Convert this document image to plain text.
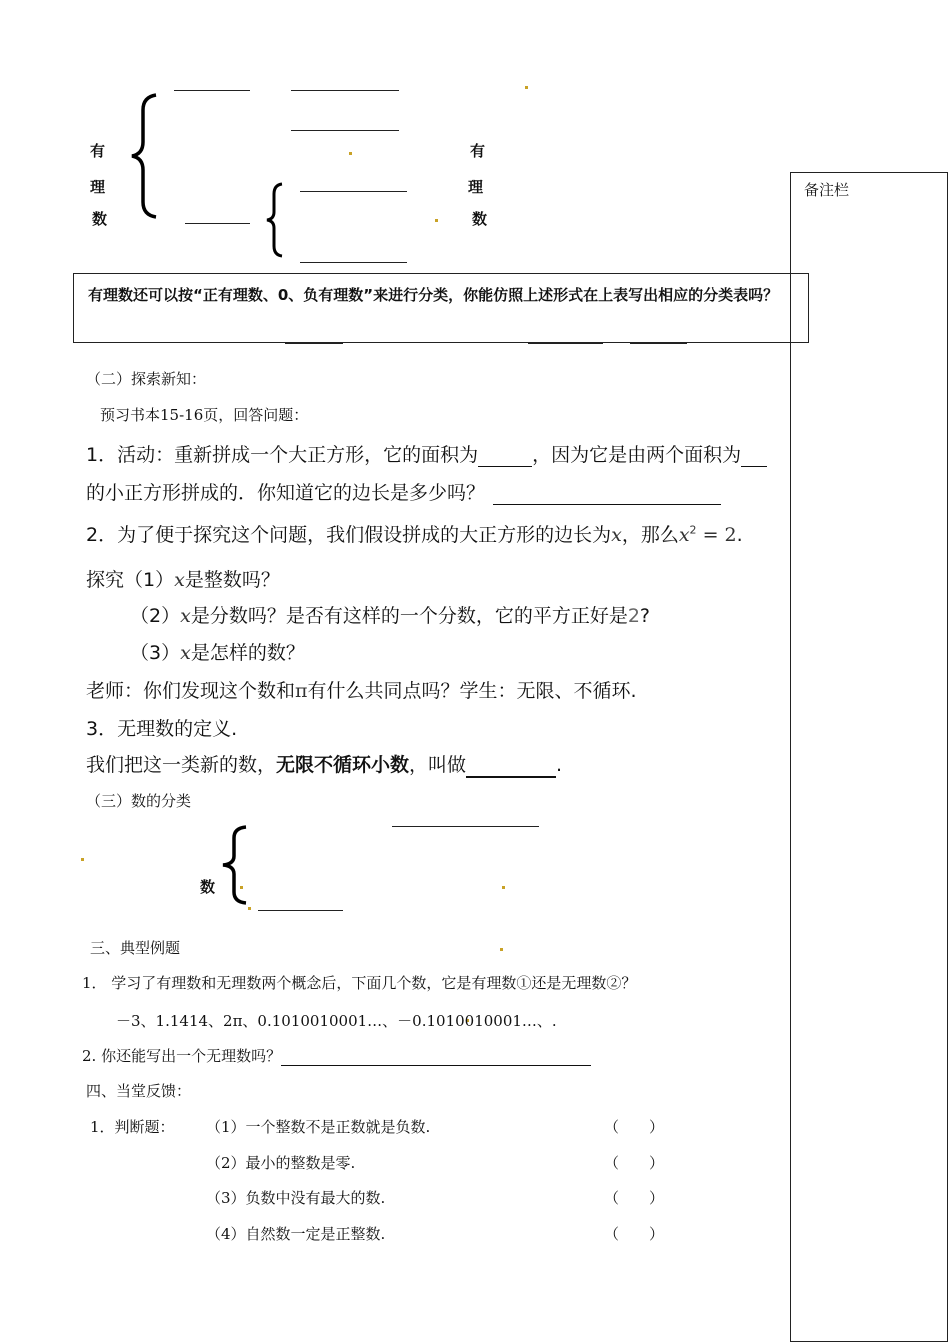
有
理
数
有
理
数
有理数还可以按“正有理数、0、负有理数”来进行分类，你能仿照上述形式在上表写出相应的分类表吗？
备注栏
（二）探索新知：
预习书本15-16页，回答问题：
1．活动：重新拼成一个大正方形，它的面积为	，因为它是由两个面积为
的小正方形拼成的．你知道它的边长是多少吗？
2．为了便于探究这个问题，我们假设拼成的大正方形的边长为x，那么$x^2 = 2$.
探究（1）x是整数吗？
（2）x是分数吗？是否有这样的一个分数，它的平方正好是2?
（3）x是怎样的数？
老师：你们发现这个数和π有什么共同点吗？学生：无限、不循环.
3．无理数的定义.
我们把这一类新的数，无限不循环小数，叫做	.
（三）数的分类
数
三、典型例题
1． 学习了有理数和无理数两个概念后，下面几个数，它是有理数①还是无理数②？
－3、1.1414、2π、0.1010010001…、－0.1010010001…、.
2. 你还能写出一个无理数吗？
四、当堂反馈：
1．判断题： （1）一个整数不是正数就是负数.
（2）最小的整数是零.
（3）负数中没有最大的数.
（4）自然数一定是正整数.
（　　）
（　　）
（　　）
（　　）
